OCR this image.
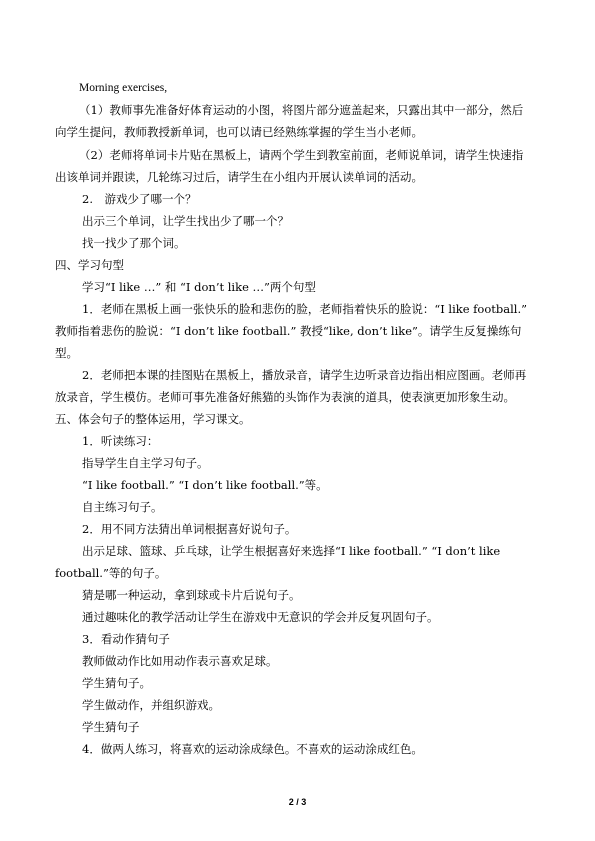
Morning exercises,
（1）教师事先准备好体育运动的小图，将图片部分遮盖起来，只露出其中一部分，然后
向学生提问，教师教授新单词，也可以请已经熟练掌握的学生当小老师。
（2）老师将单词卡片贴在黑板上，请两个学生到教室前面，老师说单词，请学生快速指
出该单词并跟读，几轮练习过后，请学生在小组内开展认读单词的活动。
2.　游戏少了哪一个？
出示三个单词，让学生找出少了哪一个？
找一找少了那个词。
四、学习句型
学习“I like …” 和 “I don’t like …”两个句型
1．老师在黑板上画一张快乐的脸和悲伤的脸，老师指着快乐的脸说：“I like football.”
教师指着悲伤的脸说：“I don’t like football.” 教授“like, don’t like”。请学生反复操练句
型。
2．老师把本课的挂图贴在黑板上，播放录音，请学生边听录音边指出相应图画。老师再
放录音，学生模仿。老师可事先准备好熊猫的头饰作为表演的道具，使表演更加形象生动。
五、体会句子的整体运用，学习课文。
1．听读练习：
指导学生自主学习句子。
“I like football.” “I don’t like football.”等。
自主练习句子。
2．用不同方法猜出单词根据喜好说句子。
出示足球、篮球、乒乓球，让学生根据喜好来选择“I like football.” “I don’t like
football.”等的句子。
猜是哪一种运动，拿到球或卡片后说句子。
通过趣味化的教学活动让学生在游戏中无意识的学会并反复巩固句子。
3．看动作猜句子
教师做动作比如用动作表示喜欢足球。
学生猜句子。
学生做动作，并组织游戏。
学生猜句子
4．做两人练习，将喜欢的运动涂成绿色。不喜欢的运动涂成红色。
2 / 3
